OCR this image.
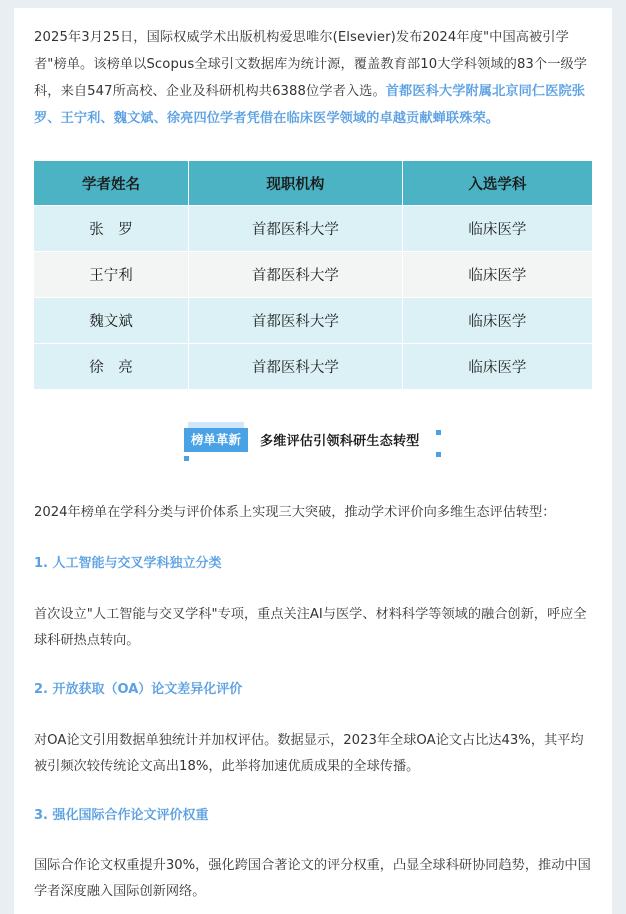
2025年3月25日，国际权威学术出版机构爱思唯尔(Elsevier)发布2024年度"中国高被引学者"榜单。该榜单以Scopus全球引文数据库为统计源，覆盖教育部10大学科领域的83个一级学科，来自547所高校、企业及科研机构共6388位学者入选。首都医科大学附属北京同仁医院张罗、王宁利、魏文斌、徐亮四位学者凭借在临床医学领域的卓越贡献蝉联殊荣。
学者姓名	现职机构	入选学科
张　罗	首都医科大学	临床医学
王宁利	首都医科大学	临床医学
魏文斌	首都医科大学	临床医学
徐　亮	首都医科大学	临床医学
榜单革新	多维评估引领科研生态转型
2024年榜单在学科分类与评价体系上实现三大突破，推动学术评价向多维生态评估转型：
1. 人工智能与交叉学科独立分类
首次设立"人工智能与交叉学科"专项，重点关注AI与医学、材料科学等领域的融合创新，呼应全球科研热点转向。
2. 开放获取（OA）论文差异化评价
对OA论文引用数据单独统计并加权评估。数据显示，2023年全球OA论文占比达43%，其平均被引频次较传统论文高出18%，此举将加速优质成果的全球传播。
3. 强化国际合作论文评价权重
国际合作论文权重提升30%，强化跨国合著论文的评分权重，凸显全球科研协同趋势，推动中国学者深度融入国际创新网络。
